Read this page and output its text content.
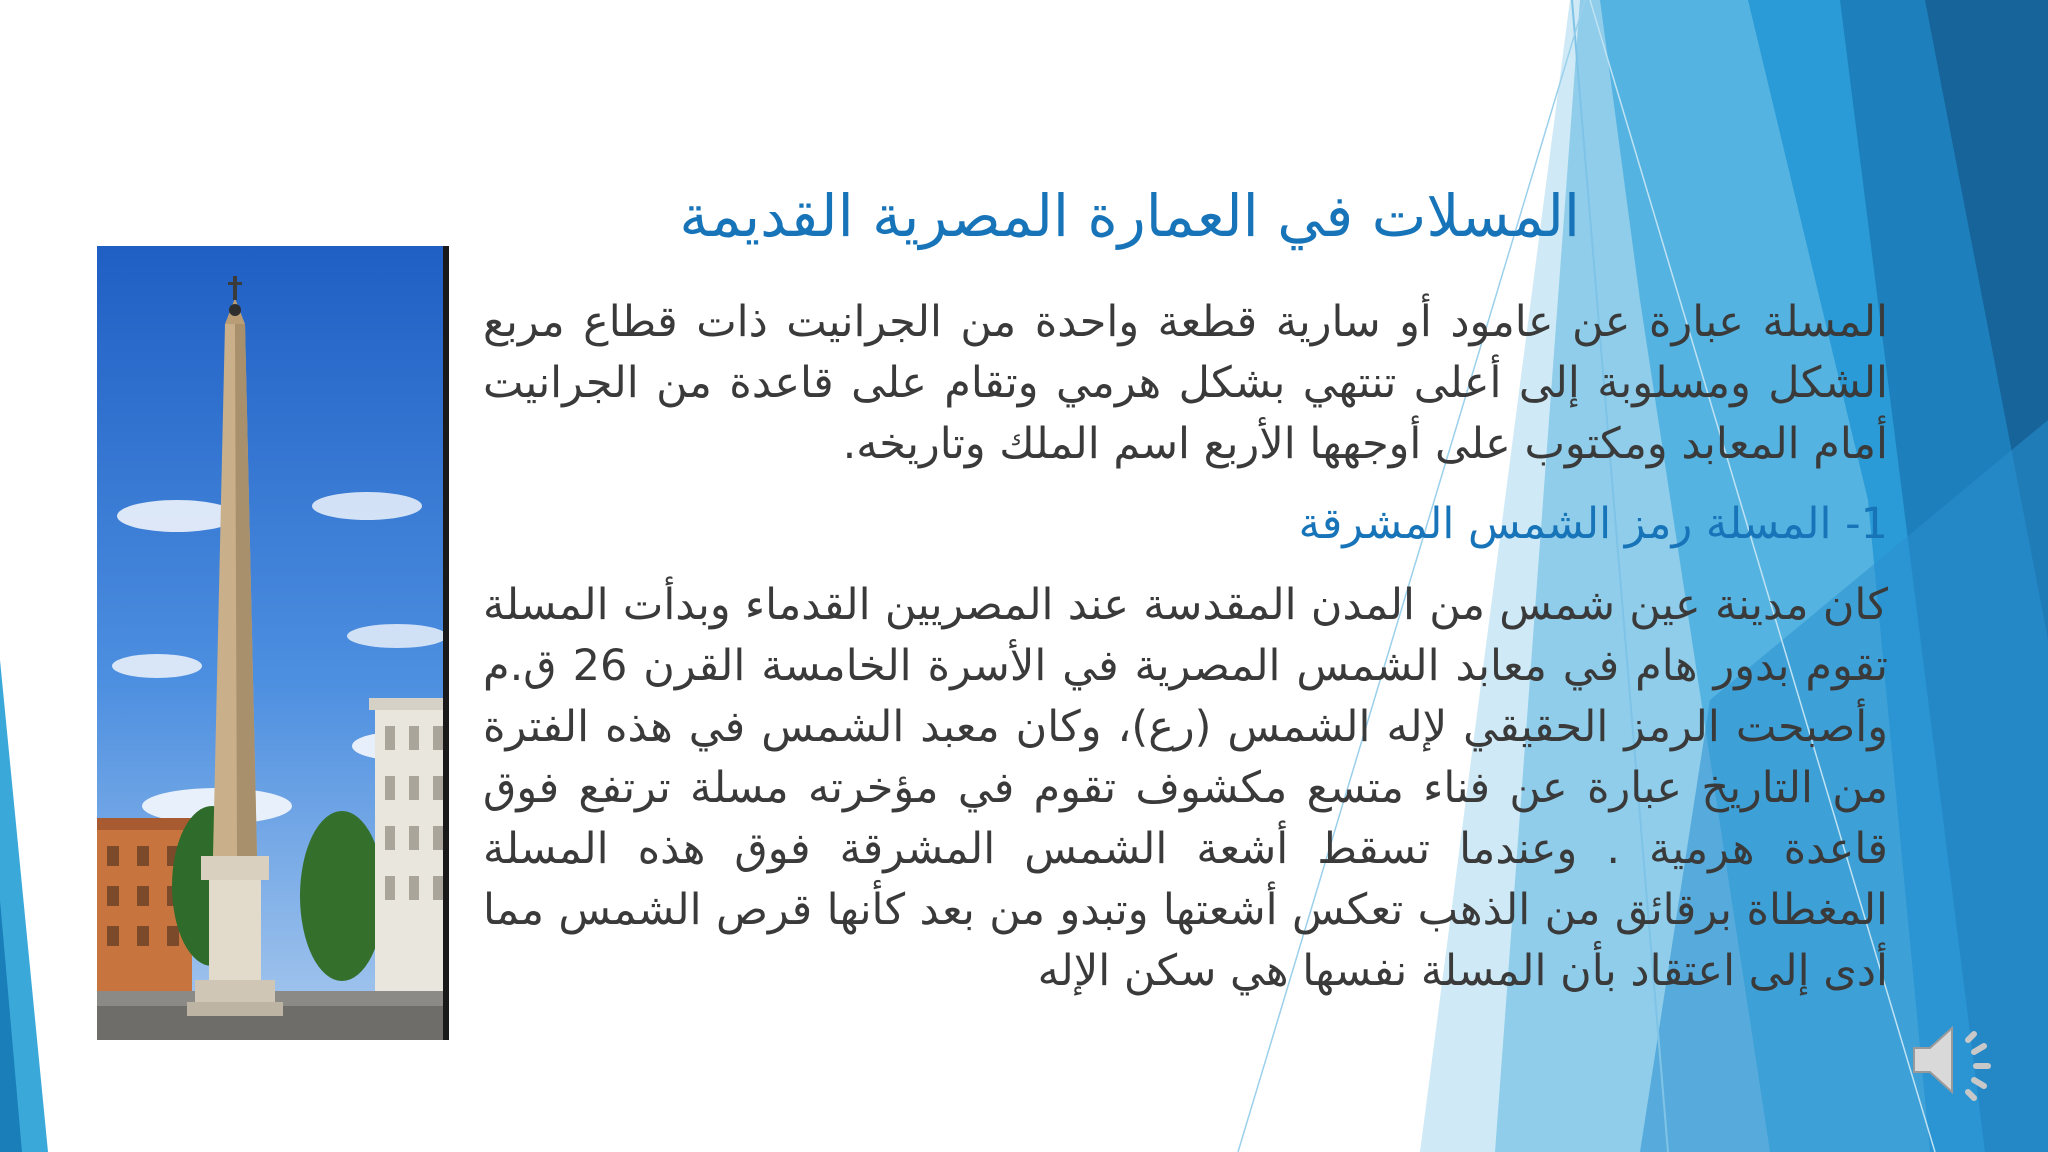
المسلات في العمارة المصرية القديمة

المسلة عبارة عن عامود أو سارية قطعة واحدة من الجرانيت ذات قطاع مربع الشكل ومسلوبة إلى أعلى تنتهي بشكل هرمي وتقام على قاعدة من الجرانيت أمام المعابد ومكتوب على أوجهها الأربع اسم الملك وتاريخه.

1- المسلة رمز الشمس المشرقة

كان مدينة عين شمس من المدن المقدسة عند المصريين القدماء وبدأت المسلة تقوم بدور هام في معابد الشمس المصرية في الأسرة الخامسة القرن 26 ق.م وأصبحت الرمز الحقيقي لإله الشمس (رع)، وكان معبد الشمس في هذه الفترة من التاريخ عبارة عن فناء متسع مكشوف تقوم في مؤخرته مسلة ترتفع فوق قاعدة هرمية . وعندما تسقط أشعة الشمس المشرقة فوق هذه المسلة المغطاة برقائق من الذهب تعكس أشعتها وتبدو من بعد كأنها قرص الشمس مما أدى إلى اعتقاد بأن المسلة نفسها هي سكن الإله
